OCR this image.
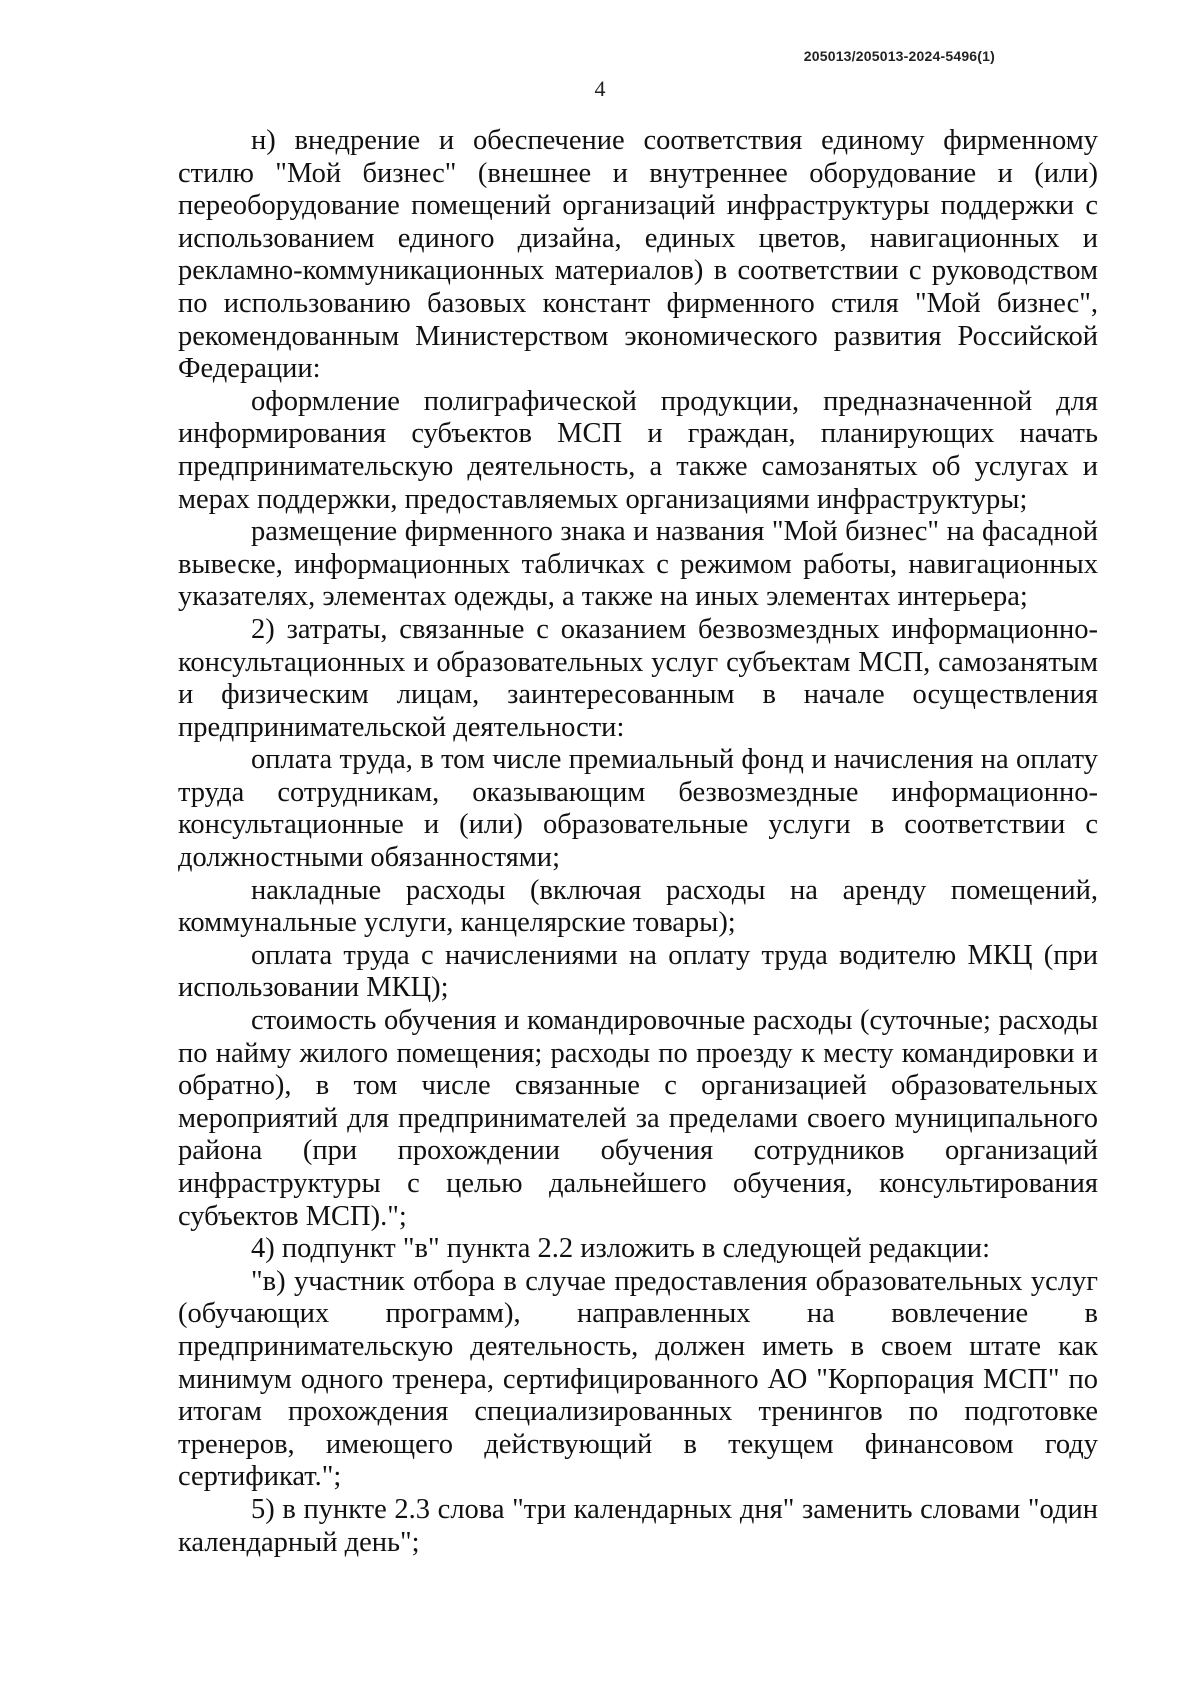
205013/205013-2024-5496(1)
4

н) внедрение и обеспечение соответствия единому фирменному стилю "Мой бизнес" (внешнее и внутреннее оборудование и (или) переоборудование помещений организаций инфраструктуры поддержки с использованием единого дизайна, единых цветов, навигационных и рекламно-коммуникационных материалов) в соответствии с руководством по использованию базовых констант фирменного стиля "Мой бизнес", рекомендованным Министерством экономического развития Российской Федерации:

оформление полиграфической продукции, предназначенной для информирования субъектов МСП и граждан, планирующих начать предпринимательскую деятельность, а также самозанятых об услугах и мерах поддержки, предоставляемых организациями инфраструктуры;

размещение фирменного знака и названия "Мой бизнес" на фасадной вывеске, информационных табличках с режимом работы, навигационных указателях, элементах одежды, а также на иных элементах интерьера;

2) затраты, связанные с оказанием безвозмездных информационно-консультационных и образовательных услуг субъектам МСП, самозанятым и физическим лицам, заинтересованным в начале осуществления предпринимательской деятельности:

оплата труда, в том числе премиальный фонд и начисления на оплату труда сотрудникам, оказывающим безвозмездные информационно-консультационные и (или) образовательные услуги в соответствии с должностными обязанностями;

накладные расходы (включая расходы на аренду помещений, коммунальные услуги, канцелярские товары);

оплата труда с начислениями на оплату труда водителю МКЦ (при использовании МКЦ);

стоимость обучения и командировочные расходы (суточные; расходы по найму жилого помещения; расходы по проезду к месту командировки и обратно), в том числе связанные с организацией образовательных мероприятий для предпринимателей за пределами своего муниципального района (при прохождении обучения сотрудников организаций инфраструктуры с целью дальнейшего обучения, консультирования субъектов МСП).";

4) подпункт "в" пункта 2.2 изложить в следующей редакции:

"в) участник отбора в случае предоставления образовательных услуг (обучающих программ), направленных на вовлечение в предпринимательскую деятельность, должен иметь в своем штате как минимум одного тренера, сертифицированного АО "Корпорация МСП" по итогам прохождения специализированных тренингов по подготовке тренеров, имеющего действующий в текущем финансовом году сертификат.";

5) в пункте 2.3 слова "три календарных дня" заменить словами "один календарный день";
